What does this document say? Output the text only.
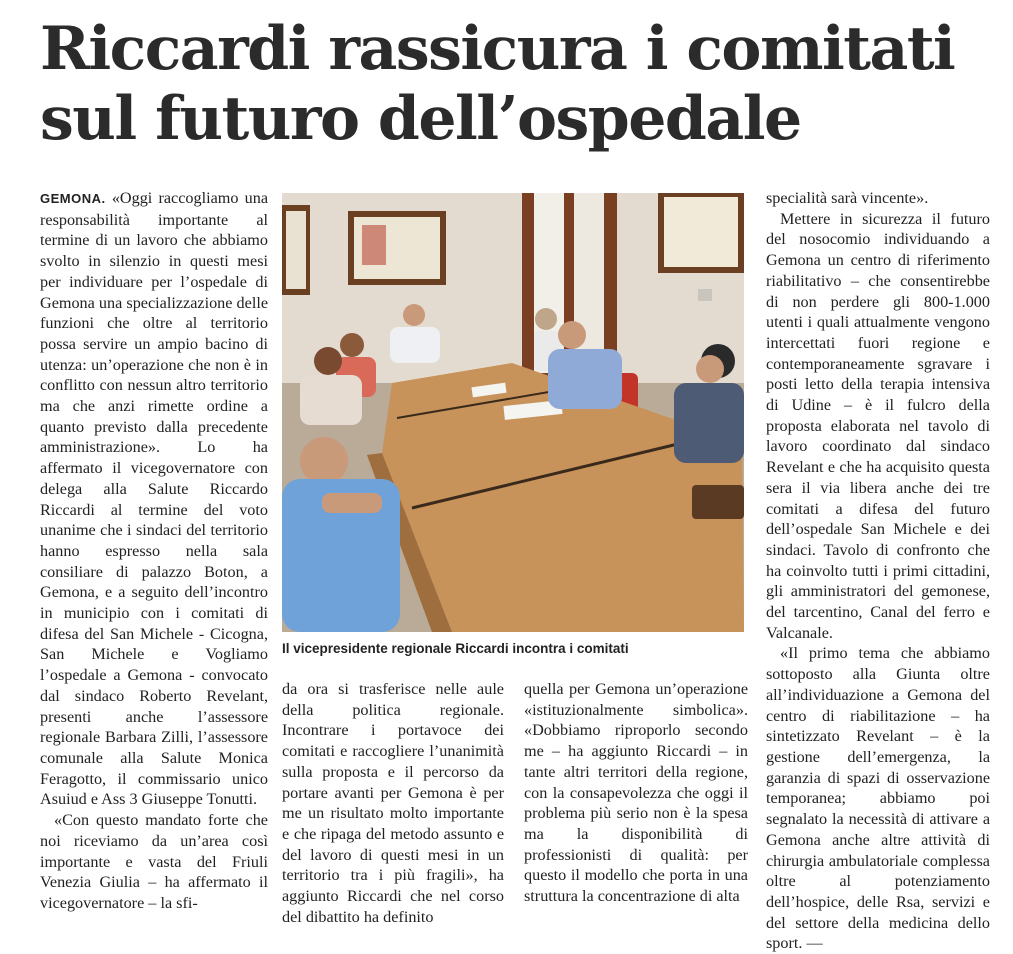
Riccardi rassicura i comitati
sul futuro dell’ospedale

GEMONA. «Oggi raccogliamo una responsabilità importante al termine di un lavoro che abbiamo svolto in silenzio in questi mesi per individuare per l’ospedale di Gemona una specializzazione delle funzioni che oltre al territorio possa servire un ampio bacino di utenza: un’operazione che non è in conflitto con nessun altro territorio ma che anzi rimette ordine a quanto previsto dalla precedente amministrazione». Lo ha affermato il vicegovernatore con delega alla Salute Riccardo Riccardi al termine del voto unanime che i sindaci del territorio hanno espresso nella sala consiliare di palazzo Boton, a Gemona, e a seguito dell’incontro in municipio con i comitati di difesa del San Michele - Cicogna, San Michele e Vogliamo l’ospedale a Gemona - convocato dal sindaco Roberto Revelant, presenti anche l’assessore regionale Barbara Zilli, l’assessore comunale alla Salute Monica Feragotto, il commissario unico Asuiud e Ass 3 Giuseppe Tonutti.

«Con questo mandato forte che noi riceviamo da un’area così importante e vasta del Friuli Venezia Giulia – ha affermato il vicegovernatore – la sfi-

Il vicepresidente regionale Riccardi incontra i comitati

da ora si trasferisce nelle aule della politica regionale. Incontrare i portavoce dei comitati e raccogliere l’unanimità sulla proposta e il percorso da portare avanti per Gemona è per me un risultato molto importante e che ripaga del metodo assunto e del lavoro di questi mesi in un territorio tra i più fragili», ha aggiunto Riccardi che nel corso del dibattito ha definito

quella per Gemona un’operazione «istituzionalmente simbolica». «Dobbiamo riproporlo secondo me – ha aggiunto Riccardi – in tante altri territori della regione, con la consapevolezza che oggi il problema più serio non è la spesa ma la disponibilità di professionisti di qualità: per questo il modello che porta in una struttura la concentrazione di alta

specialità sarà vincente».

Mettere in sicurezza il futuro del nosocomio individuando a Gemona un centro di riferimento riabilitativo – che consentirebbe di non perdere gli 800-1.000 utenti i quali attualmente vengono intercettati fuori regione e contemporaneamente sgravare i posti letto della terapia intensiva di Udine – è il fulcro della proposta elaborata nel tavolo di lavoro coordinato dal sindaco Revelant e che ha acquisito questa sera il via libera anche dei tre comitati a difesa del futuro dell’ospedale San Michele e dei sindaci. Tavolo di confronto che ha coinvolto tutti i primi cittadini, gli amministratori del gemonese, del tarcentino, Canal del ferro e Valcanale.

«Il primo tema che abbiamo sottoposto alla Giunta oltre all’individuazione a Gemona del centro di riabilitazione – ha sintetizzato Revelant – è la gestione dell’emergenza, la garanzia di spazi di osservazione temporanea; abbiamo poi segnalato la necessità di attivare a Gemona anche altre attività di chirurgia ambulatoriale complessa oltre al potenziamento dell’hospice, delle Rsa, servizi e del settore della medicina dello sport. —
